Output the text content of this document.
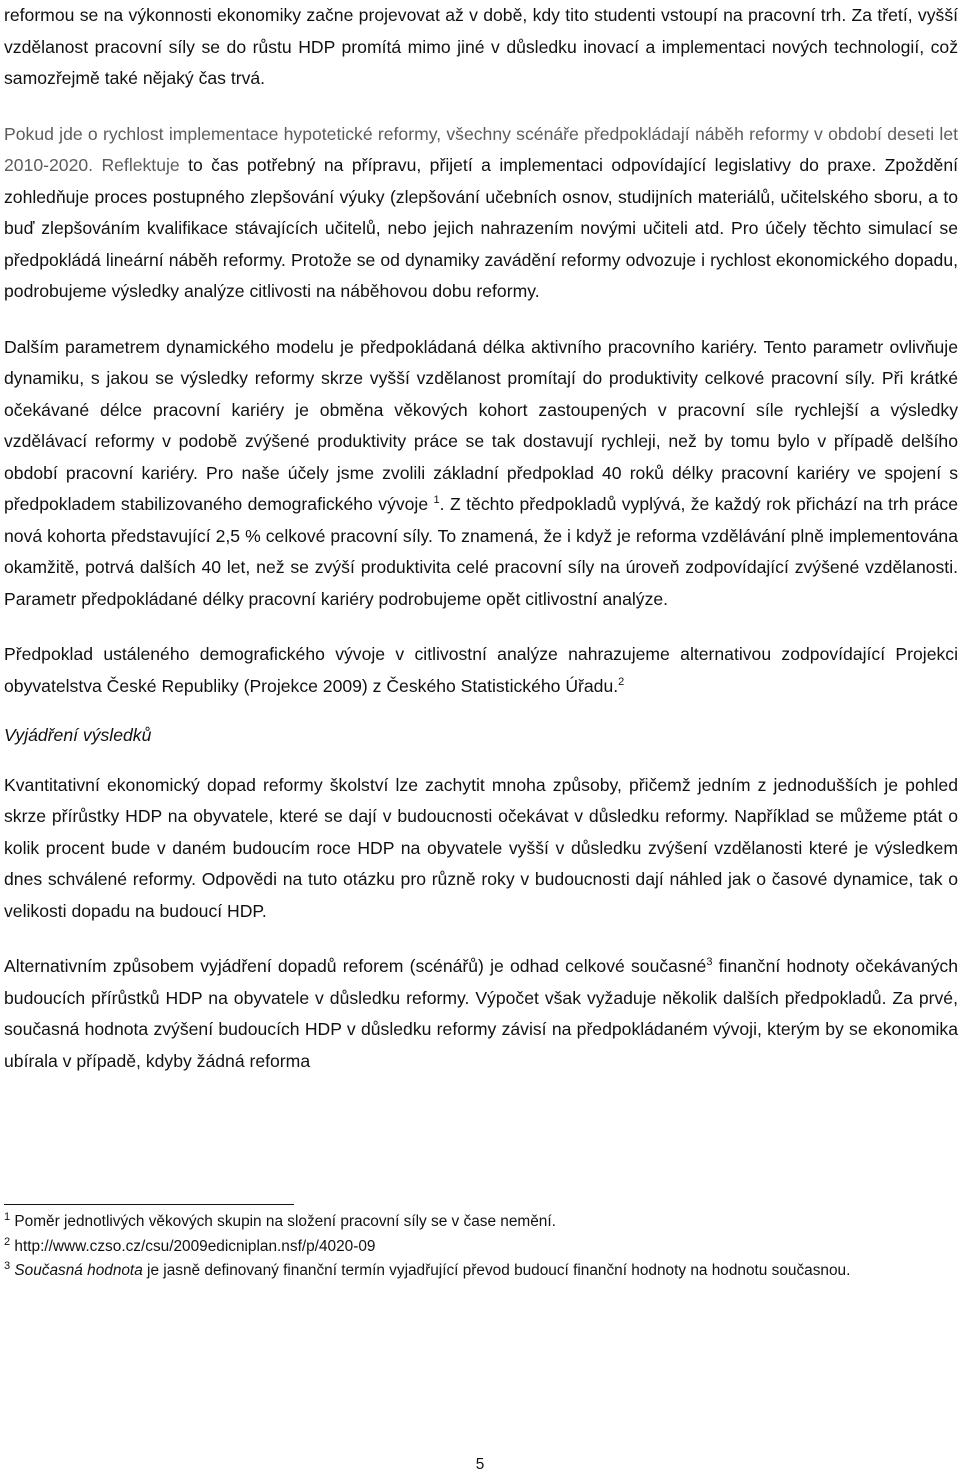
reformou se na výkonnosti ekonomiky začne projevovat až v době, kdy tito studenti vstoupí na pracovní trh. Za třetí, vyšší vzdělanost pracovní síly se do růstu HDP promítá mimo jiné v důsledku inovací a implementaci nových technologií, což samozřejmě také nějaký čas trvá.

Pokud jde o rychlost implementace hypotetické reformy, všechny scénáře předpokládají náběh reformy v období deseti let 2010-2020. Reflektuje to čas potřebný na přípravu, přijetí a implementaci odpovídající legislativy do praxe. Zpoždění zohledňuje proces postupného zlepšování výuky (zlepšování učebních osnov, studijních materiálů, učitelského sboru, a to buď zlepšováním kvalifikace stávajících učitelů, nebo jejich nahrazením novými učiteli atd. Pro účely těchto simulací se předpokládá lineární náběh reformy. Protože se od dynamiky zavádění reformy odvozuje i rychlost ekonomického dopadu, podrobujeme výsledky analýze citlivosti na náběhovou dobu reformy.

Dalším parametrem dynamického modelu je předpokládaná délka aktivního pracovního kariéry. Tento parametr ovlivňuje dynamiku, s jakou se výsledky reformy skrze vyšší vzdělanost promítají do produktivity celkové pracovní síly. Při krátké očekávané délce pracovní kariéry je obměna věkových kohort zastoupených v pracovní síle rychlejší a výsledky vzdělávací reformy v podobě zvýšené produktivity práce se tak dostavují rychleji, než by tomu bylo v případě delšího období pracovní kariéry. Pro naše účely jsme zvolili základní předpoklad 40 roků délky pracovní kariéry ve spojení s předpokladem stabilizovaného demografického vývoje $^1$. Z těchto předpokladů vyplývá, že každý rok přichází na trh práce nová kohorta představující 2,5 % celkové pracovní síly. To znamená, že i když je reforma vzdělávání plně implementována okamžitě, potrvá dalších 40 let, než se zvýší produktivita celé pracovní síly na úroveň zodpovídající zvýšené vzdělanosti. Parametr předpokládané délky pracovní kariéry podrobujeme opět citlivostní analýze.

Předpoklad ustáleného demografického vývoje v citlivostní analýze nahrazujeme alternativou zodpovídající Projekci obyvatelstva České Republiky (Projekce 2009) z Českého Statistického Úřadu.$^2$

Vyjádření výsledků

Kvantitativní ekonomický dopad reformy školství lze zachytit mnoha způsoby, přičemž jedním z jednodušších je pohled skrze přírůstky HDP na obyvatele, které se dají v budoucnosti očekávat v důsledku reformy. Například se můžeme ptát o kolik procent bude v daném budoucím roce HDP na obyvatele vyšší v důsledku zvýšení vzdělanosti které je výsledkem dnes schválené reformy. Odpovědi na tuto otázku pro různě roky v budoucnosti dají náhled jak o časové dynamice, tak o velikosti dopadu na budoucí HDP.

Alternativním způsobem vyjádření dopadů reforem (scénářů) je odhad celkové současné$^3$ finanční hodnoty očekávaných budoucích přírůstků HDP na obyvatele v důsledku reformy. Výpočet však vyžaduje několik dalších předpokladů. Za prvé, současná hodnota zvýšení budoucích HDP v důsledku reformy závisí na předpokládaném vývoji, kterým by se ekonomika ubírala v případě, kdyby žádná reforma

$^1$ Poměr jednotlivých věkových skupin na složení pracovní síly se v čase nemění.

$^2$ http://www.czso.cz/csu/2009edicniplan.nsf/p/4020-09

$^3$ Současná hodnota je jasně definovaný finanční termín vyjadřující převod budoucí finanční hodnoty na hodnotu současnou.

5
